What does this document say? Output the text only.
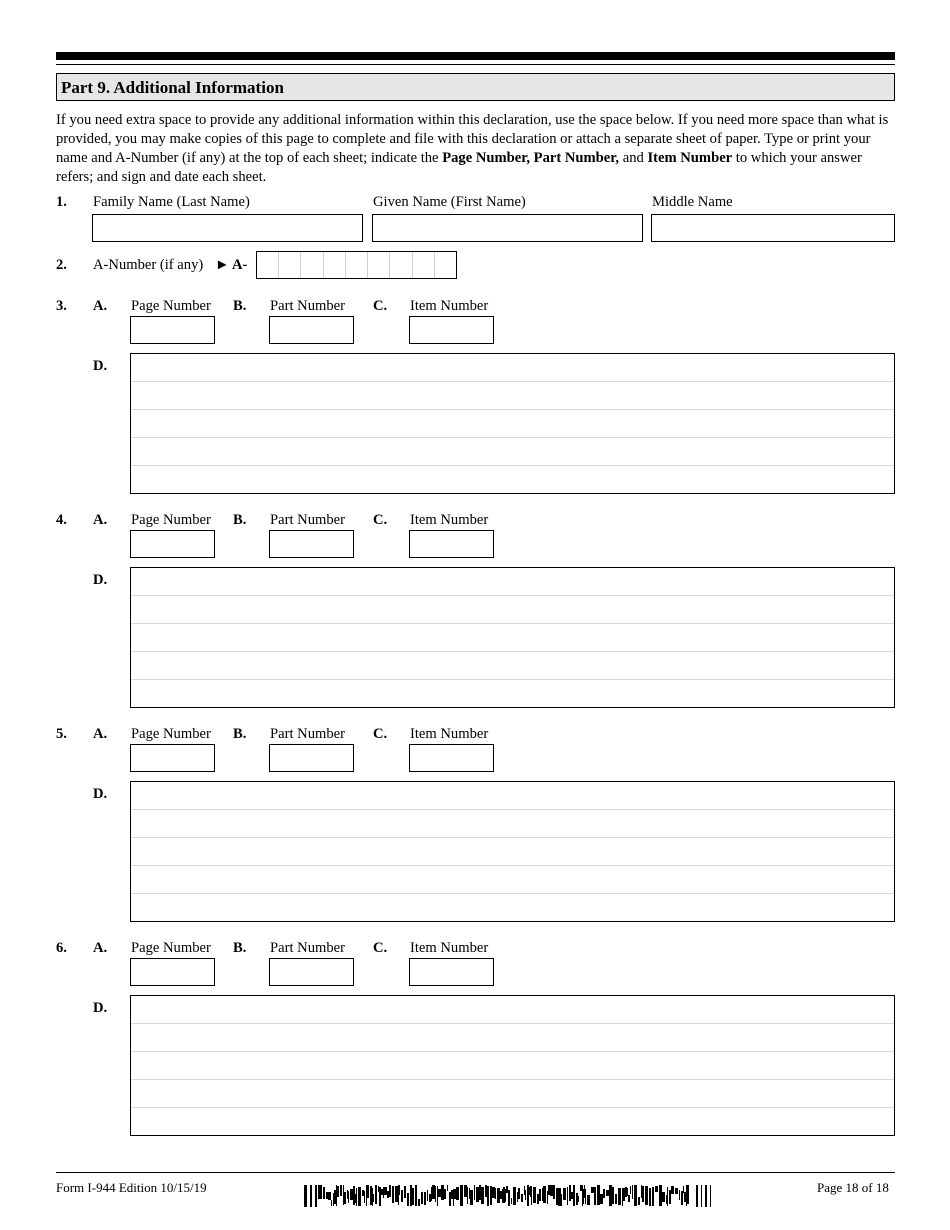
Part 9. Additional Information
If you need extra space to provide any additional information within this declaration, use the space below. If you need more space than what is provided, you may make copies of this page to complete and file with this declaration or attach a separate sheet of paper. Type or print your name and A-Number (if any) at the top of each sheet; indicate the Page Number, Part Number, and Item Number to which your answer refers; and sign and date each sheet.
1. Family Name (Last Name)	Given Name (First Name)	Middle Name
2. A-Number (if any) ► A-
3. A. Page Number B. Part Number C. Item Number
D.
4. A. Page Number B. Part Number C. Item Number
D.
5. A. Page Number B. Part Number C. Item Number
D.
6. A. Page Number B. Part Number C. Item Number
D.
Form I-944 Edition 10/15/19	Page 18 of 18
